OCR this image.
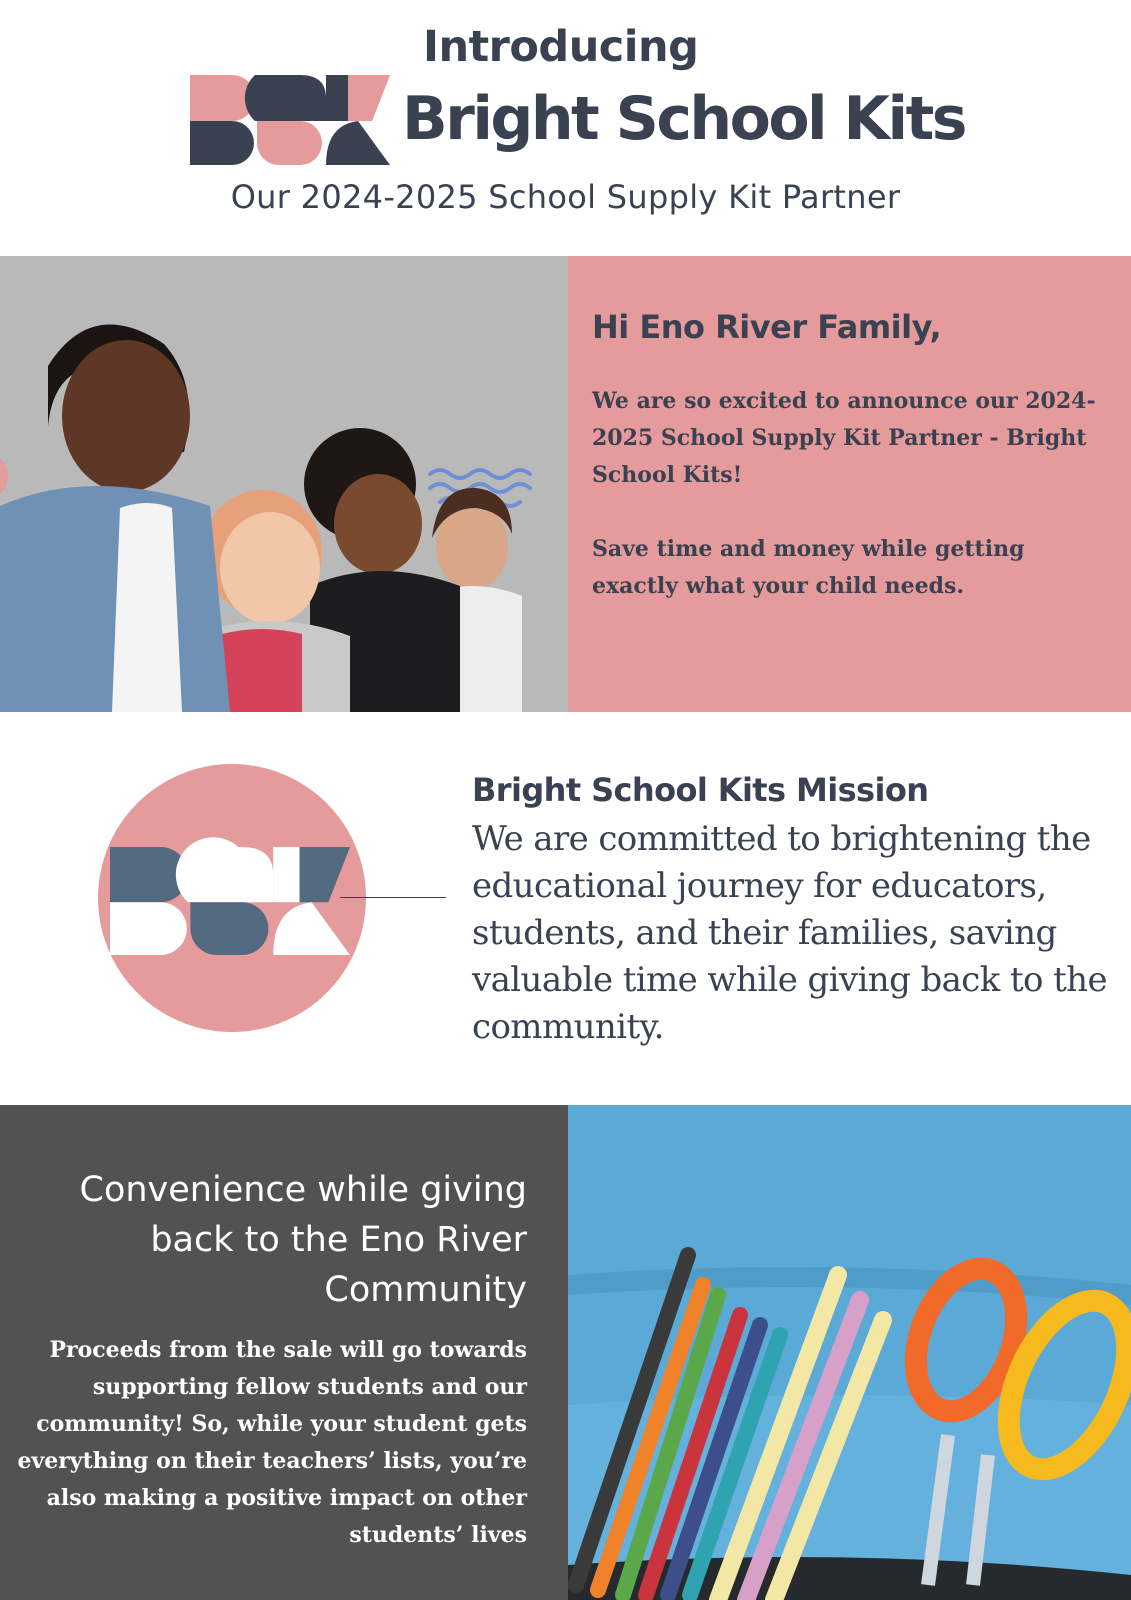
Introducing
Bright School Kits
Our 2024-2025 School Supply Kit Partner
Hi Eno River Family,

We are so excited to announce our 2024-2025 School Supply Kit Partner - Bright School Kits!

Save time and money while getting exactly what your child needs.

Bright School Kits Mission

We are committed to brightening the educational journey for educators, students, and their families, saving valuable time while giving back to the community.

Convenience while giving back to the Eno River Community

Proceeds from the sale will go towards supporting fellow students and our community! So, while your student gets everything on their teachers’ lists, you’re also making a positive impact on other students’ lives
